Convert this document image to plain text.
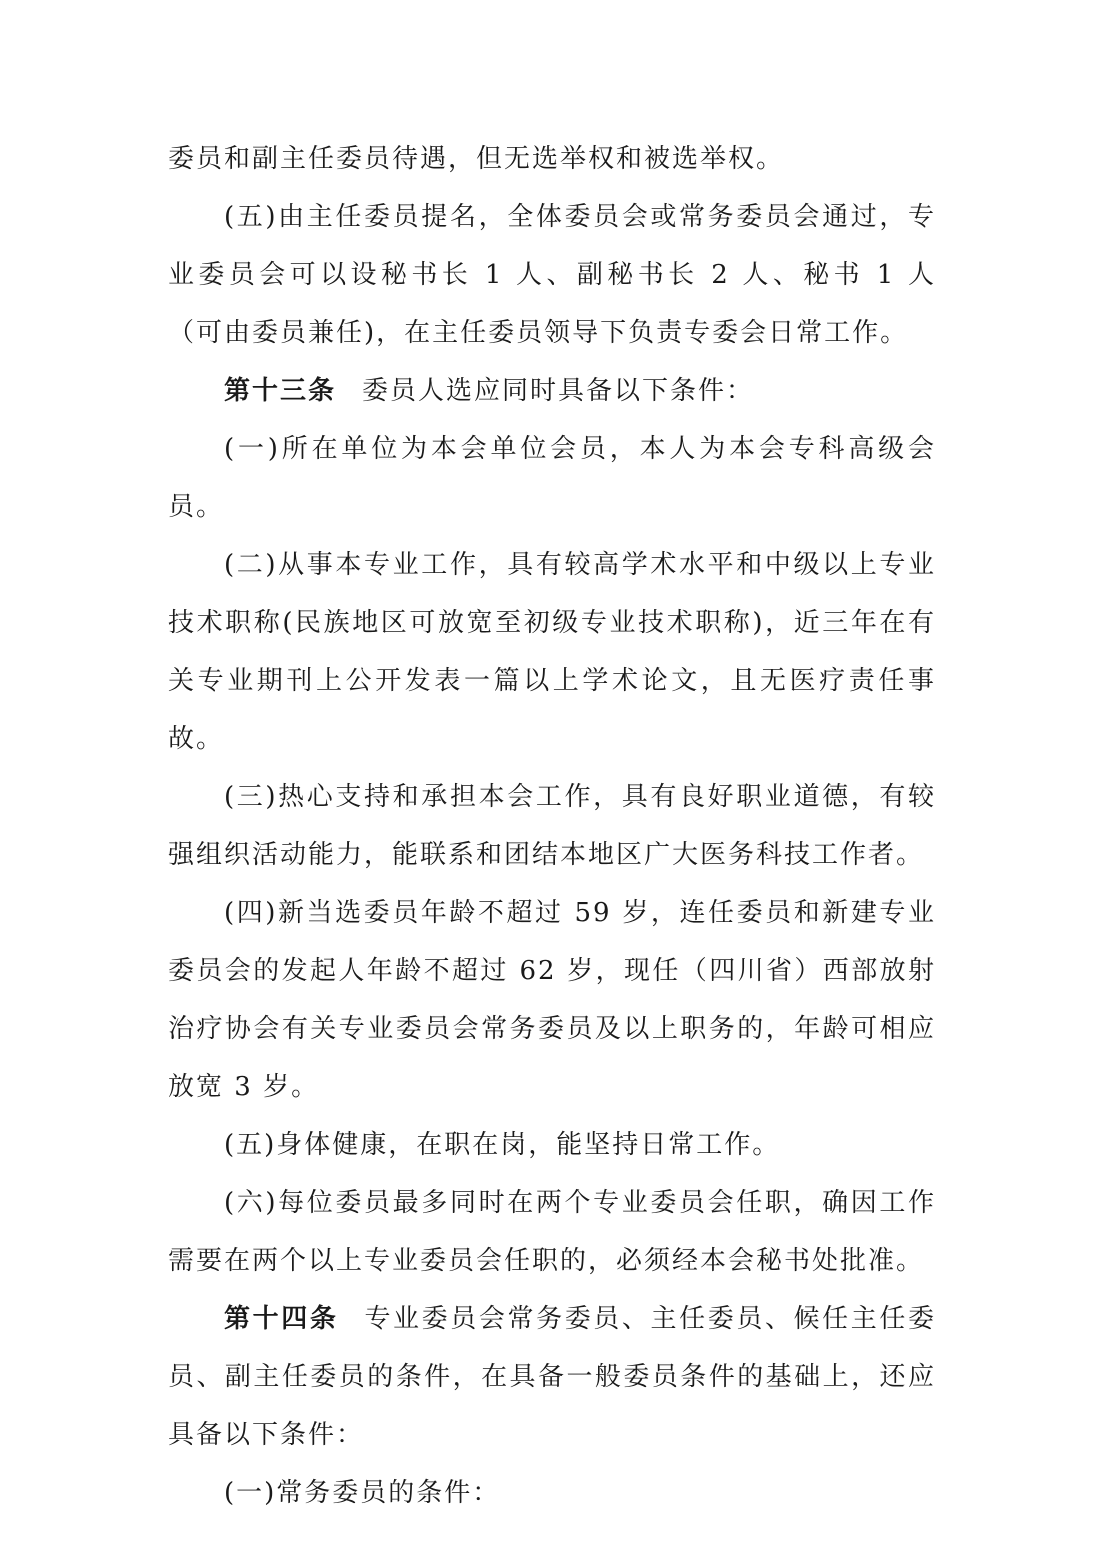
委员和副主任委员待遇，但无选举权和被选举权。

(五)由主任委员提名，全体委员会或常务委员会通过，专业委员会可以设秘书长 1 人、副秘书长 2 人、秘书 1 人 （可由委员兼任)，在主任委员领导下负责专委会日常工作。

第十三条 委员人选应同时具备以下条件：

(一)所在单位为本会单位会员，本人为本会专科高级会员。

(二)从事本专业工作，具有较高学术水平和中级以上专业技术职称(民族地区可放宽至初级专业技术职称)，近三年在有关专业期刊上公开发表一篇以上学术论文，且无医疗责任事故。

(三)热心支持和承担本会工作，具有良好职业道德，有较强组织活动能力，能联系和团结本地区广大医务科技工作者。

(四)新当选委员年龄不超过 59 岁，连任委员和新建专业委员会的发起人年龄不超过 62 岁，现任（四川省）西部放射治疗协会有关专业委员会常务委员及以上职务的，年龄可相应放宽 3 岁。

(五)身体健康，在职在岗，能坚持日常工作。

(六)每位委员最多同时在两个专业委员会任职，确因工作需要在两个以上专业委员会任职的，必须经本会秘书处批准。

第十四条 专业委员会常务委员、主任委员、候任主任委员、副主任委员的条件，在具备一般委员条件的基础上，还应具备以下条件：

(一)常务委员的条件：
